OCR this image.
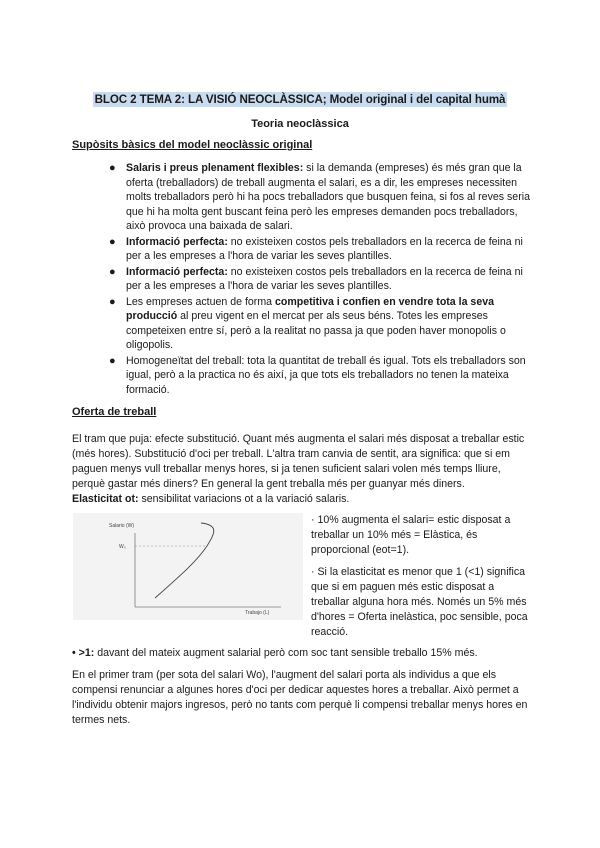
BLOC 2 TEMA 2: LA VISIÓ NEOCLÀSSICA; Model original i del capital humà
Teoria neoclàssica

Supòsits bàsics del model neoclàssic original

● Salaris i preus plenament flexibles: si la demanda (empreses) és més gran que la oferta (treballadors) de treball augmenta el salari, es a dir, les empreses necessiten molts treballadors però hi ha pocs treballadors que busquen feina, si fos al reves seria que hi ha molta gent buscant feina però les empreses demanden pocs treballadors, això provoca una baixada de salari.
● Informació perfecta: no existeixen costos pels treballadors en la recerca de feina ni per a les empreses a l'hora de variar les seves plantilles.
● Informació perfecta: no existeixen costos pels treballadors en la recerca de feina ni per a les empreses a l'hora de variar les seves plantilles.
● Les empreses actuen de forma competitiva i confien en vendre tota la seva producció al preu vigent en el mercat per als seus béns. Totes les empreses competeixen entre sí, però a la realitat no passa ja que poden haver monopolis o oligopolis.
● Homogeneïtat del treball: tota la quantitat de treball és igual. Tots els treballadors son igual, però a la practica no és així, ja que tots els treballadors no tenen la mateixa formació.

Oferta de treball

El tram que puja: efecte substitució. Quant més augmenta el salari més disposat a treballar estic (més hores). Substitució d'oci per treball. L'altra tram canvia de sentit, ara significa: que si em paguen menys vull treballar menys hores, si ja tenen suficient salari volen més temps lliure, perquè gastar més diners? En general la gent treballa més per guanyar més diners.
Elasticitat ot: sensibilitat variacions ot a la variació salaris.

Salario (W)
W₀
Trabajo (L)

· 10% augmenta el salari= estic disposat a treballar un 10% més = Elàstica, és proporcional (eot=1).

· Si la elasticitat es menor que 1 (<1) significa que si em paguen més estic disposat a treballar alguna hora més. Només un 5% més d'hores = Oferta inelàstica, poc sensible, poca reacció.

• >1: davant del mateix augment salarial però com soc tant sensible treballo 15% més.

En el primer tram (per sota del salari Wo), l'augment del salari porta als individus a que els compensi renunciar a algunes hores d'oci per dedicar aquestes hores a treballar. Això permet a l'individu obtenir majors ingresos, però no tants com perquè li compensi treballar menys hores en termes nets.
